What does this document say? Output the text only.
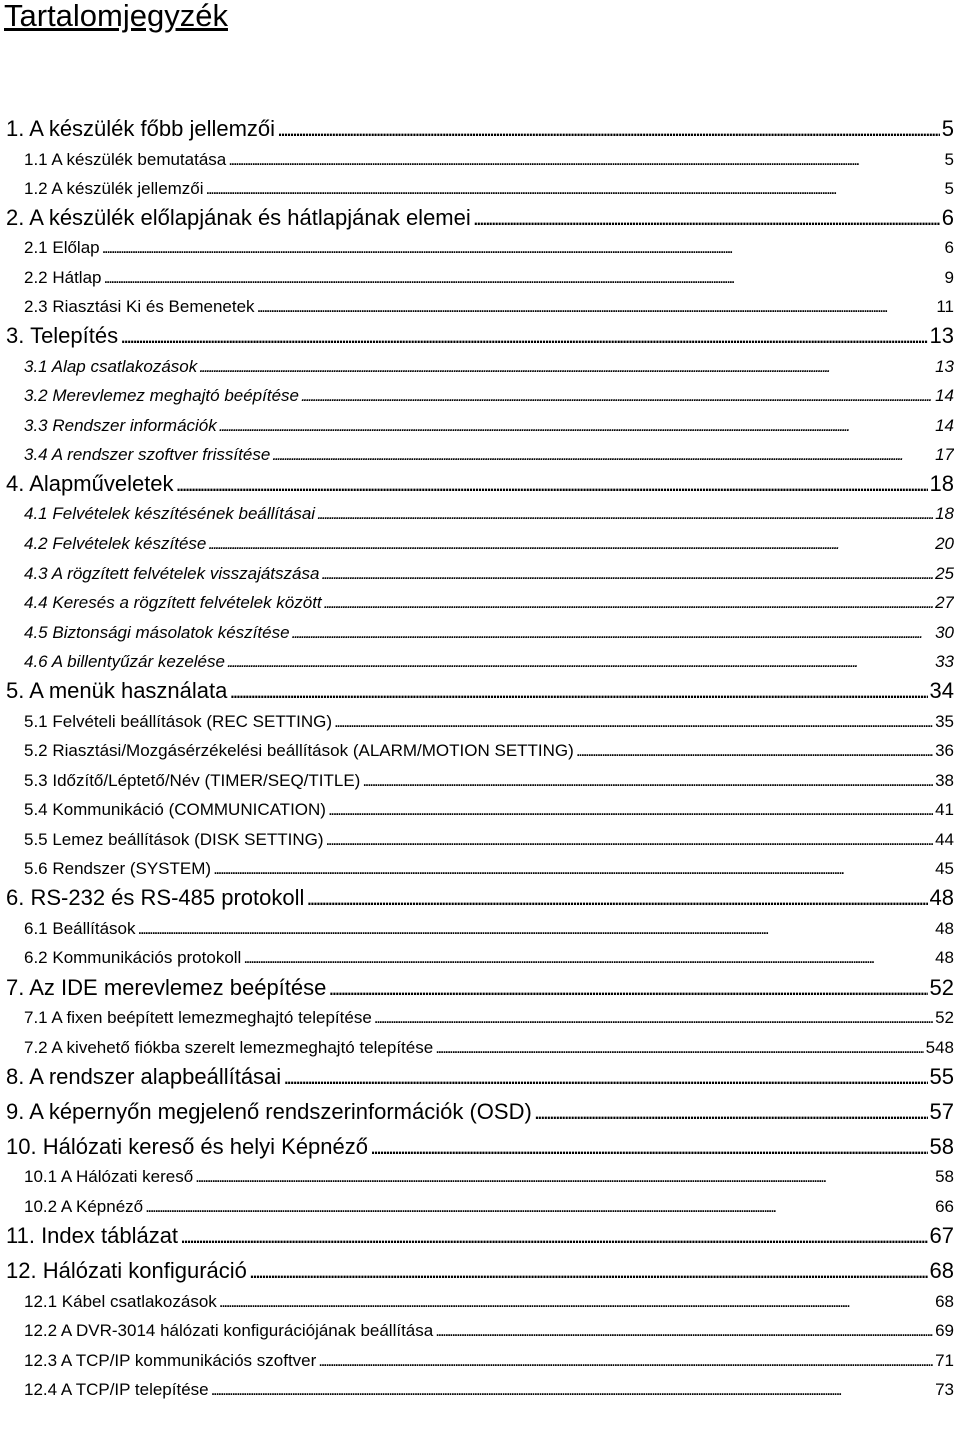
Tartalomjegyzék
1. A készülék főbb jellemzői . . .	5
1.1 A készülék bemutatása . . .	5
1.2 A készülék jellemzői . . .	5
2. A készülék előlapjának és hátlapjának elemei . . .	6
2.1 Előlap . . .	6
2.2 Hátlap . . .	9
2.3 Riasztási Ki és Bemenetek . . .	11
3. Telepítés . . .	13
3.1 Alap csatlakozások . . .	13
3.2 Merevlemez meghajtó beépítése . . .	14
3.3 Rendszer információk . . .	14
3.4 A rendszer szoftver frissítése . . .	17
4. Alapműveletek . . .	18
4.1 Felvételek készítésének beállításai . . .	18
4.2 Felvételek készítése . . .	20
4.3 A rögzített felvételek visszajátszása . . .	25
4.4 Keresés a rögzített felvételek között . . .	27
4.5 Biztonsági másolatok készítése . . .	30
4.6 A billentyűzár kezelése . . .	33
5. A menük használata . . .	34
5.1 Felvételi beállítások (REC SETTING) . . .	35
5.2 Riasztási/Mozgásérzékelési beállítások (ALARM/MOTION SETTING) . . .	36
5.3 Időzítő/Léptető/Név (TIMER/SEQ/TITLE) . . .	38
5.4 Kommunikáció (COMMUNICATION) . . .	41
5.5 Lemez beállítások (DISK SETTING) . . .	44
5.6 Rendszer (SYSTEM) . . .	45
6. RS-232 és RS-485 protokoll . . .	48
6.1 Beállítások . . .	48
6.2 Kommunikációs protokoll . . .	48
7. Az IDE merevlemez beépítése . . .	52
7.1 A fixen beépített lemezmeghajtó telepítése . . .	52
7.2 A kivehető fiókba szerelt lemezmeghajtó telepítése . . .	548
8. A rendszer alapbeállításai . . .	55
9. A képernyőn megjelenő rendszerinformációk (OSD) . . .	57
10. Hálózati kereső és helyi Képnéző . . .	58
10.1 A Hálózati kereső . . .	58
10.2 A Képnéző . . .	66
11. Index táblázat . . .	67
12. Hálózati konfiguráció . . .	68
12.1 Kábel csatlakozások . . .	68
12.2 A DVR-3014 hálózati konfigurációjának beállítása . . .	69
12.3 A TCP/IP kommunikációs szoftver . . .	71
12.4 A TCP/IP telepítése . . .	73
